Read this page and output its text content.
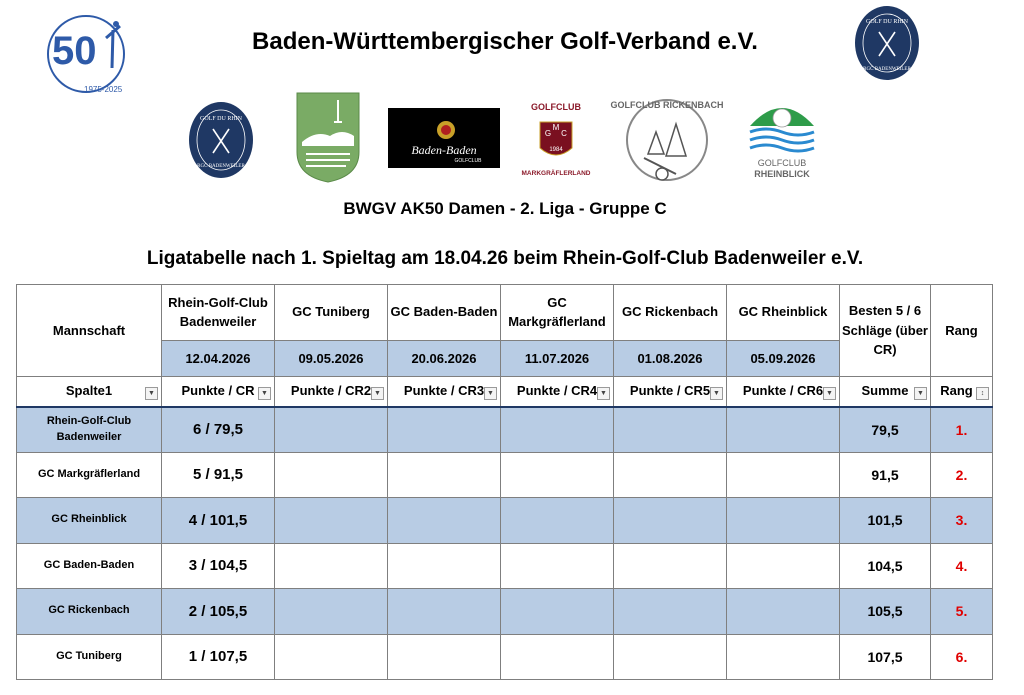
Baden-Württembergischer Golf-Verband e.V.
BWGV AK50 Damen - 2. Liga - Gruppe C
Ligatabelle nach 1. Spieltag am 18.04.26 beim Rhein-Golf-Club Badenweiler e.V.
50
1975-2025
GOLF DU RHIN
RGC BADENWEILER
GOLF DU RHIN
RGC BADENWEILER
Baden-Baden
GOLFCLUB
GOLFCLUB
G
M
C
1984
MARKGRÄFLERLAND
GOLFCLUB RICKENBACH
GOLFCLUB
RHEINBLICK
Mannschaft	Rhein-Golf-Club Badenweiler	GC Tuniberg	GC Baden-Baden	GC Markgräflerland	GC Rickenbach	GC Rheinblick	Besten 5 / 6 Schläge (über CR)	Rang
	12.04.2026	09.05.2026	20.06.2026	11.07.2026	01.08.2026	05.09.2026		

Spalte1 ▼	Punkte / CR ▼	Punkte / CR2 ▼	Punkte / CR3 ▼	Punkte / CR4 ▼	Punkte / CR5 ▼	Punkte / CR6 ▼	Summe ▼	Rang ↕

Rhein-Golf-Club Badenweiler	6 / 79,5						79,5	1.
GC Markgräflerland	5 / 91,5						91,5	2.
GC Rheinblick	4 / 101,5						101,5	3.
GC Baden-Baden	3 / 104,5						104,5	4.
GC Rickenbach	2 / 105,5						105,5	5.
GC Tuniberg	1 / 107,5						107,5	6.
